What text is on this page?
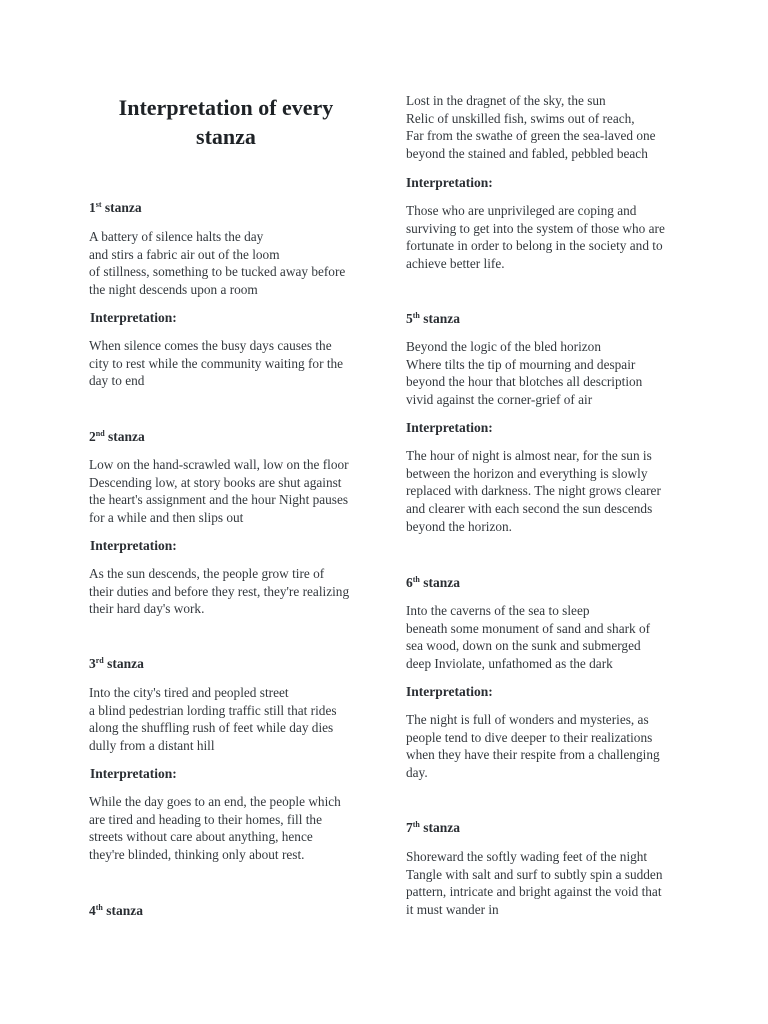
Interpretation of every
stanza
1st stanza
A battery of silence halts the day
and stirs a fabric air out of the loom
of stillness, something to be tucked away before
the night descends upon a room
Interpretation:
When silence comes the busy days causes the
city to rest while the community waiting for the
day to end
2nd stanza
Low on the hand-scrawled wall, low on the floor
Descending low, at story books are shut against
the heart's assignment and the hour Night pauses
for a while and then slips out
Interpretation:
As the sun descends, the people grow tire of
their duties and before they rest, they're realizing
their hard day's work.
3rd stanza
Into the city's tired and peopled street
a blind pedestrian lording traffic still that rides
along the shuffling rush of feet while day dies
dully from a distant hill
Interpretation:
While the day goes to an end, the people which
are tired and heading to their homes, fill the
streets without care about anything, hence
they're blinded, thinking only about rest.
4th stanza
Lost in the dragnet of the sky, the sun
Relic of unskilled fish, swims out of reach,
Far from the swathe of green the sea-laved one
beyond the stained and fabled, pebbled beach
Interpretation:
Those who are unprivileged are coping and
surviving to get into the system of those who are
fortunate in order to belong in the society and to
achieve better life.
5th stanza
Beyond the logic of the bled horizon
Where tilts the tip of mourning and despair
beyond the hour that blotches all description
vivid against the corner-grief of air
Interpretation:
The hour of night is almost near, for the sun is
between the horizon and everything is slowly
replaced with darkness. The night grows clearer
and clearer with each second the sun descends
beyond the horizon.
6th stanza
Into the caverns of the sea to sleep
beneath some monument of sand and shark of
sea wood, down on the sunk and submerged
deep Inviolate, unfathomed as the dark
Interpretation:
The night is full of wonders and mysteries, as
people tend to dive deeper to their realizations
when they have their respite from a challenging
day.
7th stanza
Shoreward the softly wading feet of the night
Tangle with salt and surf to subtly spin a sudden
pattern, intricate and bright against the void that
it must wander in
